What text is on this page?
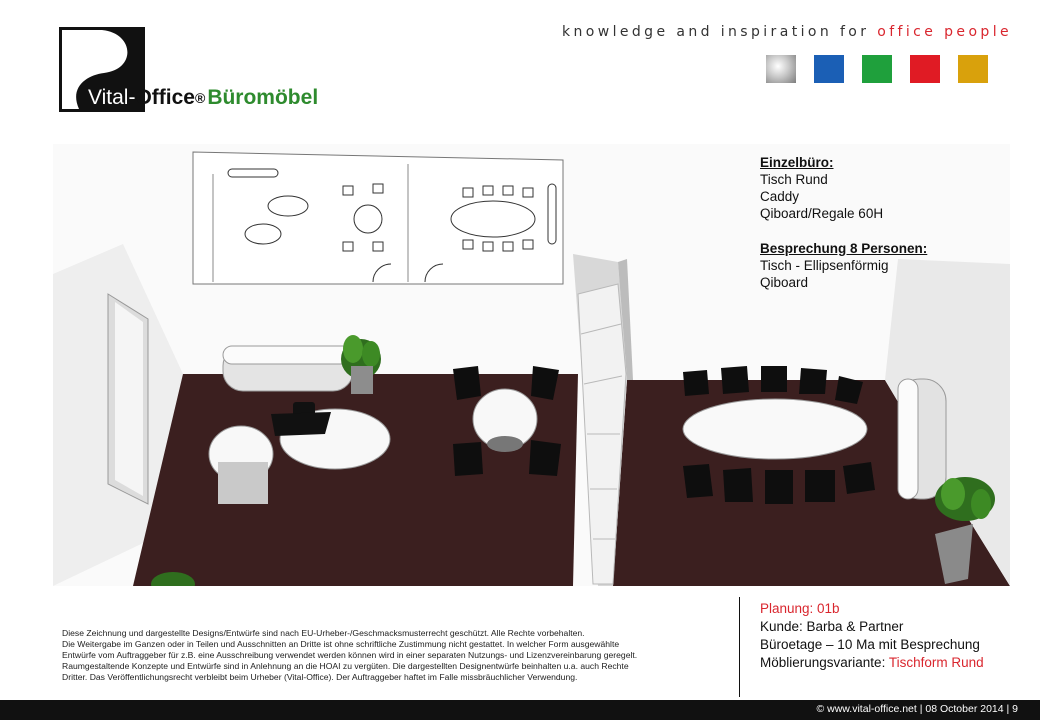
Vital-Office®Büromöbel
knowledge and inspiration for office people
Einzelbüro:
Tisch Rund
Caddy
Qiboard/Regale 60H
Besprechung 8 Personen:
Tisch - Ellipsenförmig
Qiboard
Diese Zeichnung und dargestellte Designs/Entwürfe sind nach EU-Urheber-/Geschmacksmusterrecht geschützt. Alle Rechte vorbehalten.
Die Weitergabe im Ganzen oder in Teilen und Ausschnitten an Dritte ist ohne schriftliche Zustimmung nicht gestattet. In welcher Form ausgewählte
Entwürfe vom Auftraggeber für z.B. eine Ausschreibung verwendet werden können wird in einer separaten Nutzungs- und Lizenzvereinbarung geregelt.
Raumgestaltende Konzepte und Entwürfe sind in Anlehnung an die HOAI zu vergüten. Die dargestellten Designentwürfe beinhalten u.a. auch Rechte
Dritter. Das Veröffentlichungsrecht verbleibt beim Urheber (Vital-Office). Der Auftraggeber haftet im Falle missbräuchlicher Verwendung.
Planung: 01b
Kunde: Barba & Partner
Büroetage – 10 Ma mit Besprechung
Möblierungsvariante: Tischform Rund
© www.vital-office.net | 08 October 2014 | 9
